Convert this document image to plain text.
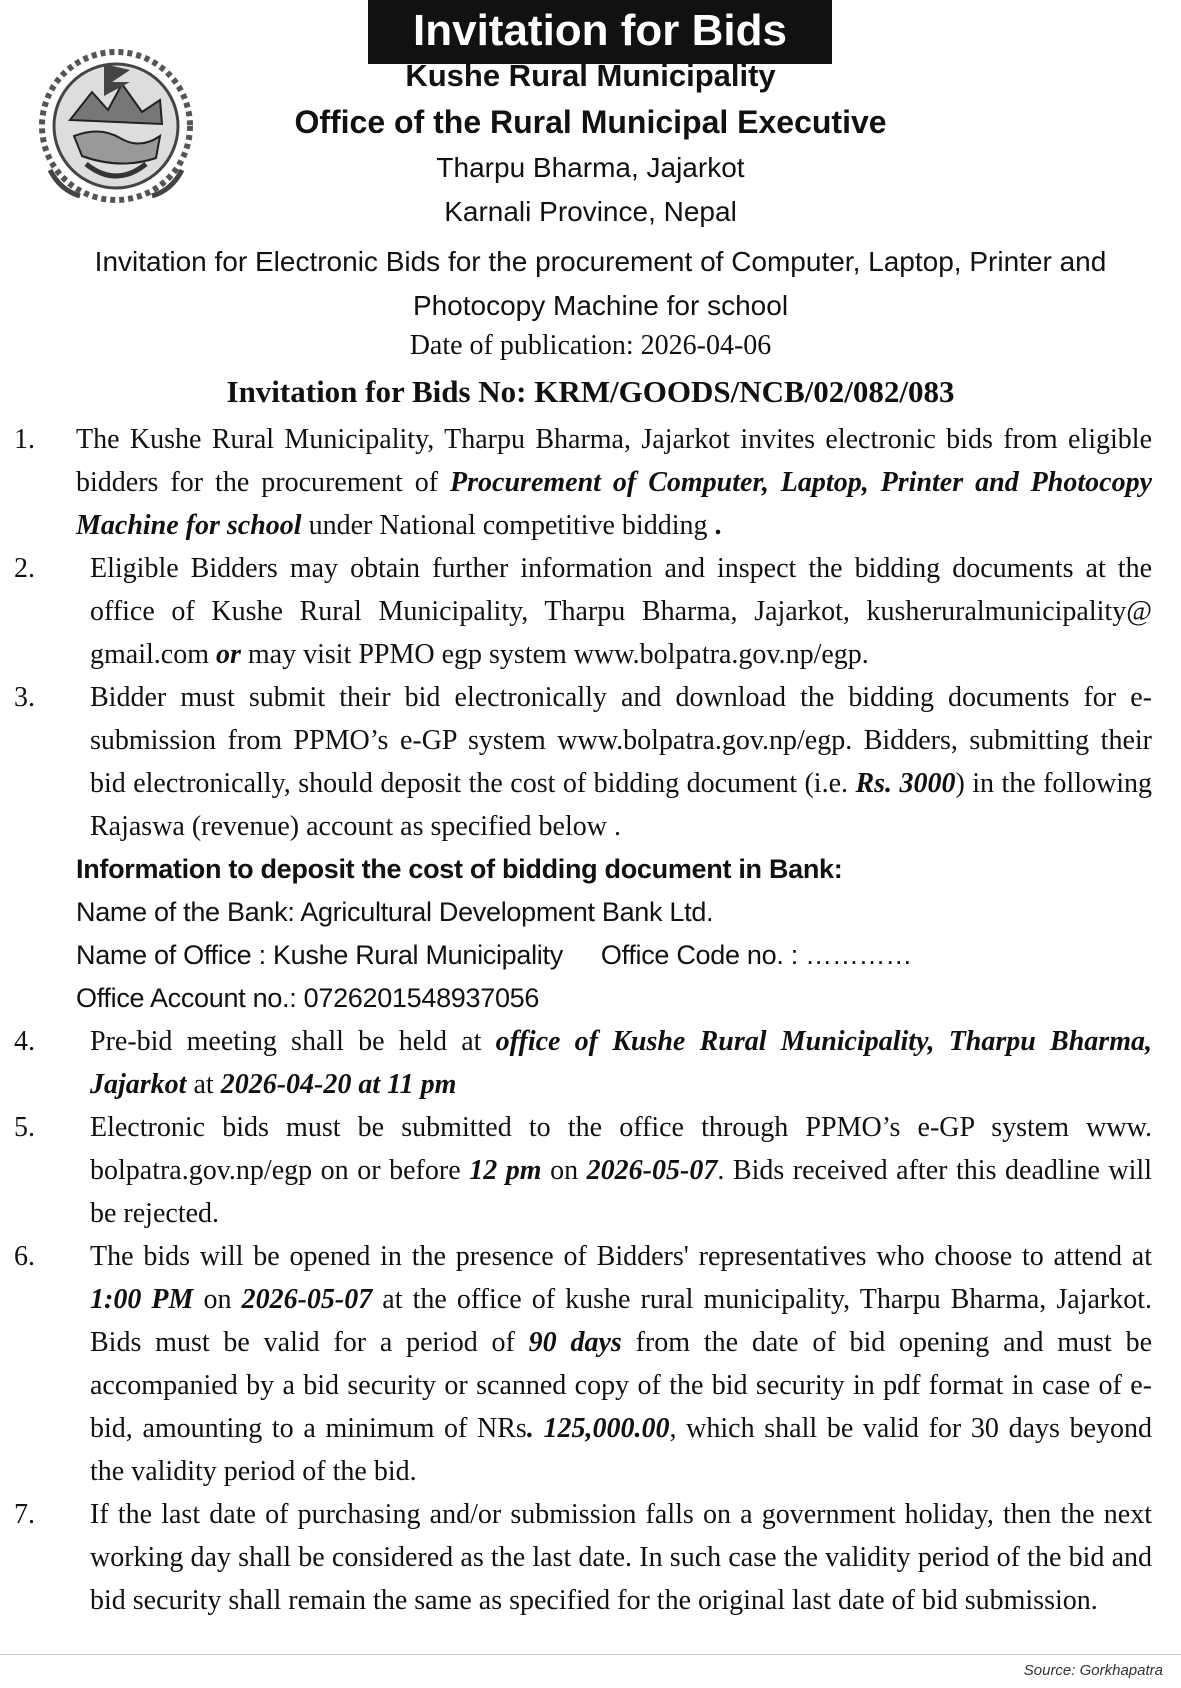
Invitation for Bids
Kushe Rural Municipality
Office of the Rural Municipal Executive

Tharpu Bharma, Jajarkot

Karnali Province, Nepal

Invitation for Electronic Bids for the procurement of Computer, Laptop, Printer and Photocopy Machine for school

Date of publication: 2026-04-06

Invitation for Bids No: KRM/GOODS/NCB/02/082/083

1.	The Kushe Rural Municipality, Tharpu Bharma, Jajarkot invites electronic bids from eligible bidders for the procurement of Procurement of Computer, Laptop, Printer and Photocopy Machine for school under National competitive bidding .
2.	Eligible Bidders may obtain further information and inspect the bidding documents at the office of Kushe Rural Municipality, Tharpu Bharma, Jajarkot, kusheruralmunicipality@ gmail.com or may visit PPMO egp system www.bolpatra.gov.np/egp.
3.	Bidder must submit their bid electronically and download the bidding documents for e-submission from PPMO’s e-GP system www.bolpatra.gov.np/egp. Bidders, submitting their bid electronically, should deposit the cost of bidding document (i.e. Rs. 3000) in the following Rajaswa (revenue) account as specified below .
Information to deposit the cost of bidding document in Bank:
Name of the Bank: Agricultural Development Bank Ltd.
Name of Office : Kushe Rural Municipality Office Code no. : …………
Office Account no.: 0726201548937056
4.	Pre-bid meeting shall be held at office of Kushe Rural Municipality, Tharpu Bharma, Jajarkot at 2026-04-20 at 11 pm
5.	Electronic bids must be submitted to the office through PPMO’s e-GP system www. bolpatra.gov.np/egp on or before 12 pm on 2026-05-07. Bids received after this deadline will be rejected.
6.	The bids will be opened in the presence of Bidders' representatives who choose to attend at 1:00 PM on 2026-05-07 at the office of kushe rural municipality, Tharpu Bharma, Jajarkot. Bids must be valid for a period of 90 days from the date of bid opening and must be accompanied by a bid security or scanned copy of the bid security in pdf format in case of e-bid, amounting to a minimum of NRs. 125,000.00, which shall be valid for 30 days beyond the validity period of the bid.
7.	If the last date of purchasing and/or submission falls on a government holiday, then the next working day shall be considered as the last date. In such case the validity period of the bid and bid security shall remain the same as specified for the original last date of bid submission.
Source: Gorkhapatra
